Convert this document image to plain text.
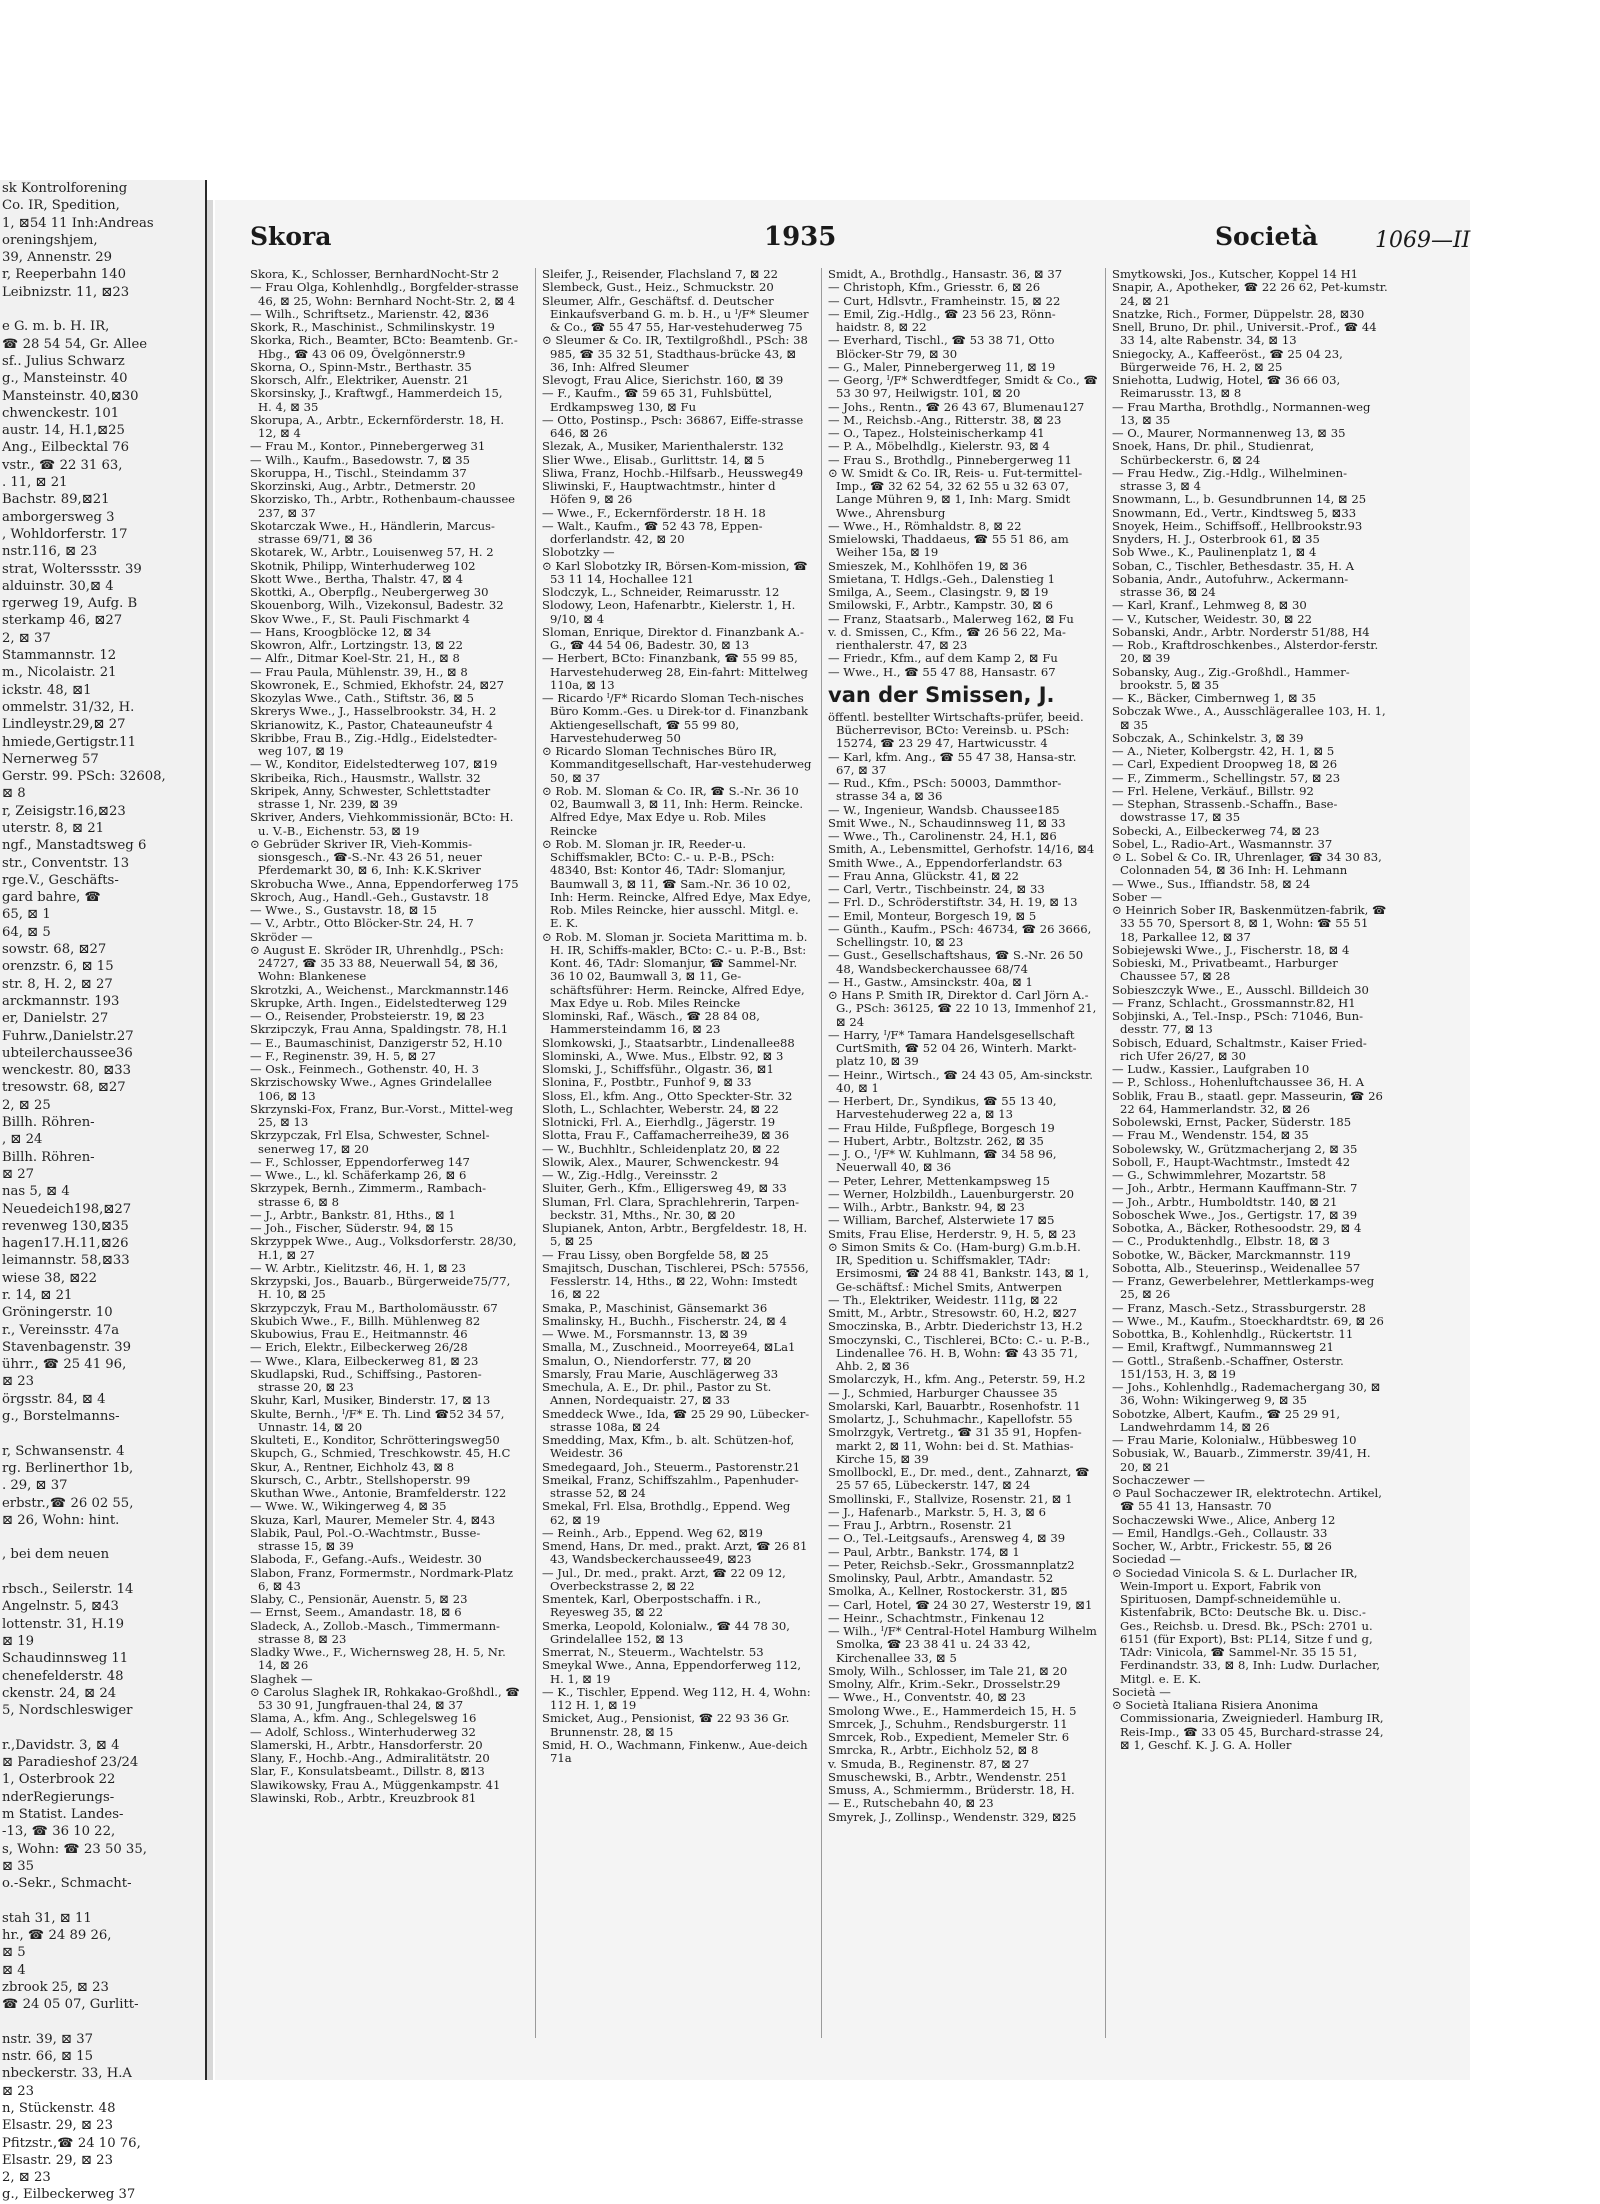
sk Kontrolforening
Co. IR, Spedition,
1, ⊠54 11 Inh:Andreas
oreningshjem,
39, Annenstr. 29
r, Reeperbahn 140
Leibnizstr. 11, ⊠23

e G. m. b. H. IR,
☎ 28 54 54, Gr. Allee
sf.. Julius Schwarz
g., Mansteinstr. 40
Mansteinstr. 40,⊠30
chwenckestr. 101
austr. 14, H.1,⊠25
Ang., Eilbecktal 76
vstr., ☎ 22 31 63,
. 11, ⊠ 21
Bachstr. 89,⊠21
amborgersweg 3
, Wohldorferstr. 17
nstr.116, ⊠ 23
strat, Wolterssstr. 39
alduinstr. 30,⊠ 4
rgerweg 19, Aufg. B
sterkamp 46, ⊠27
2, ⊠ 37
Stammannstr. 12
m., Nicolaistr. 21
ickstr. 48, ⊠1
ommelstr. 31/32, H.
Lindleystr.29,⊠ 27
hmiede,Gertigstr.11
Nernerweg 57
Gerstr. 99. PSch: 32608,
⊠ 8
r, Zeisigstr.16,⊠23
uterstr. 8, ⊠ 21
ngf., Manstadtsweg 6
str., Conventstr. 13
rge.V., Geschäfts-
gard bahre, ☎
65, ⊠ 1
64, ⊠ 5
sowstr. 68, ⊠27
orenzstr. 6, ⊠ 15
str. 8, H. 2, ⊠ 27
arckmannstr. 193
er, Danielstr. 27
Fuhrw.,Danielstr.27
ubteilerchaussee36
wenckestr. 80, ⊠33
tresowstr. 68, ⊠27
2, ⊠ 25
Billh. Röhren-
, ⊠ 24
Billh. Röhren-
⊠ 27
nas 5, ⊠ 4
Neuedeich198,⊠27
revenweg 130,⊠35
hagen17.H.11,⊠26
leimannstr. 58,⊠33
wiese 38, ⊠22
r. 14, ⊠ 21
Gröningerstr. 10
r., Vereinsstr. 47a
Stavenbagenstr. 39
ührr., ☎ 25 41 96,
⊠ 23
örgsstr. 84, ⊠ 4
g., Borstelmanns-

r, Schwansenstr. 4
rg. Berlinerthor 1b,
. 29, ⊠ 37
erbstr.,☎ 26 02 55,
⊠ 26, Wohn: hint.

, bei dem neuen

rbsch., Seilerstr. 14
Angelnstr. 5, ⊠43
lottenstr. 31, H.19
⊠ 19
Schaudinnsweg 11
chenefelderstr. 48
ckenstr. 24, ⊠ 24
5, Nordschleswiger

r.,Davidstr. 3, ⊠ 4
⊠ Paradieshof 23/24
1, Osterbrook 22
nderRegierungs-
m Statist. Landes-
-13, ☎ 36 10 22,
s, Wohn: ☎ 23 50 35,
⊠ 35
o.-Sekr., Schmacht-

stah 31, ⊠ 11
hr., ☎ 24 89 26,
⊠ 5
⊠ 4
zbrook 25, ⊠ 23
☎ 24 05 07, Gurlitt-

nstr. 39, ⊠ 37
nstr. 66, ⊠ 15
nbeckerstr. 33, H.A
⊠ 23
n, Stückenstr. 48
Elsastr. 29, ⊠ 23
Pfitzstr.,☎ 24 10 76,
Elsastr. 29, ⊠ 23
2, ⊠ 23
g., Eilbeckerweg 37
Skora	1935	Società	1069—II

Skora, K., Schlosser, BernhardNocht-Str 2

— Frau Olga, Kohlenhdlg., Borgfelder-strasse 46, ⊠ 25, Wohn: Bernhard Nocht-Str. 2, ⊠ 4

— Wilh., Schriftsetz., Marienstr. 42, ⊠36

Skork, R., Maschinist., Schmilinskystr. 19

Skorka, Rich., Beamter, BCto: Beamtenb. Gr.-Hbg., ☎ 43 06 09, Övelgönnerstr.9

Skorna, O., Spinn-Mstr., Berthastr. 35

Skorsch, Alfr., Elektriker, Auenstr. 21

Skorsinsky, J., Kraftwgf., Hammerdeich 15, H. 4, ⊠ 35

Skorupa, A., Arbtr., Eckernförderstr. 18, H. 12, ⊠ 4

— Frau M., Kontor., Pinnebergerweg 31

— Wilh., Kaufm., Basedowstr. 7, ⊠ 35

Skoruppa, H., Tischl., Steindamm 37

Skorzinski, Aug., Arbtr., Detmerstr. 20

Skorzisko, Th., Arbtr., Rothenbaum-chaussee 237, ⊠ 37

Skotarczak Wwe., H., Händlerin, Marcus-strasse 69/71, ⊠ 36

Skotarek, W., Arbtr., Louisenweg 57, H. 2

Skotnik, Philipp, Winterhuderweg 102

Skott Wwe., Bertha, Thalstr. 47, ⊠ 4

Skottki, A., Oberpflg., Neubergerweg 30

Skouenborg, Wilh., Vizekonsul, Badestr. 32

Skov Wwe., F., St. Pauli Fischmarkt 4

— Hans, Kroogblöcke 12, ⊠ 34

Skowron, Alfr., Lortzingstr. 13, ⊠ 22

— Alfr., Ditmar Koel-Str. 21, H., ⊠ 8

— Frau Paula, Mühlenstr. 39, H., ⊠ 8

Skowronek, E., Schmied, Ekhofstr. 24, ⊠27

Skozylas Wwe., Cath., Stiftstr. 36, ⊠ 5

Skrerys Wwe., J., Hasselbrookstr. 34, H. 2

Skrianowitz, K., Pastor, Chateauneufstr 4

Skribbe, Frau B., Zig.-Hdlg., Eidelstedter-weg 107, ⊠ 19

— W., Konditor, Eidelstedterweg 107, ⊠19

Skribeika, Rich., Hausmstr., Wallstr. 32

Skripek, Anny, Schwester, Schlettstadter strasse 1, Nr. 239, ⊠ 39

Skriver, Anders, Viehkommissionär, BCto: H. u. V.-B., Eichenstr. 53, ⊠ 19

⊙ Gebrüder Skriver IR, Vieh-Kommis-sionsgesch., ☎-S.-Nr. 43 26 51, neuer Pferdemarkt 30, ⊠ 6, Inh: K.K.Skriver

Skrobucha Wwe., Anna, Eppendorferweg 175

Skroch, Aug., Handl.-Geh., Gustavstr. 18

— Wwe., S., Gustavstr. 18, ⊠ 15

— V., Arbtr., Otto Blöcker-Str. 24, H. 7

Skröder —

⊙ August E. Skröder IR, Uhrenhdlg., PSch: 24727, ☎ 35 33 88, Neuerwall 54, ⊠ 36, Wohn: Blankenese

Skrotzki, A., Weichenst., Marckmannstr.146

Skrupke, Arth. Ingen., Eidelstedterweg 129

— O., Reisender, Probsteierstr. 19, ⊠ 23

Skrzipczyk, Frau Anna, Spaldingstr. 78, H.1

— E., Baumaschinist, Danzigerstr 52, H.10

— F., Reginenstr. 39, H. 5, ⊠ 27

— Osk., Feinmech., Gothenstr. 40, H. 3

Skrzischowsky Wwe., Agnes Grindelallee 106, ⊠ 13

Skrzynski-Fox, Franz, Bur.-Vorst., Mittel-weg 25, ⊠ 13

Skrzypczak, Frl Elsa, Schwester, Schnel-senerweg 17, ⊠ 20

— F., Schlosser, Eppendorferweg 147

— Wwe., L., kl. Schäferkamp 26, ⊠ 6

Skrzypek, Bernh., Zimmerm., Rambach-strasse 6, ⊠ 8

— J., Arbtr., Bankstr. 81, Hths., ⊠ 1

— Joh., Fischer, Süderstr. 94, ⊠ 15

Skrzyppek Wwe., Aug., Volksdorferstr. 28/30, H.1, ⊠ 27

— W. Arbtr., Kielitzstr. 46, H. 1, ⊠ 23

Skrzypski, Jos., Bauarb., Bürgerweide75/77, H. 10, ⊠ 25

Skrzypczyk, Frau M., Bartholomäusstr. 67

Skubich Wwe., F., Billh. Mühlenweg 82

Skubowius, Frau E., Heitmannstr. 46

— Erich, Elektr., Eilbeckerweg 26/28

— Wwe., Klara, Eilbeckerweg 81, ⊠ 23

Skudlapski, Rud., Schiffsing., Pastoren-strasse 20, ⊠ 23

Skuhr, Karl, Musiker, Binderstr. 17, ⊠ 13

Skulte, Bernh., ᴵ/F* E. Th. Lind ☎52 34 57, Unnastr. 14, ⊠ 20

Skulteti, E., Konditor, Schrötteringsweg50

Skupch, G., Schmied, Treschkowstr. 45, H.C

Skur, A., Rentner, Eichholz 43, ⊠ 8

Skursch, C., Arbtr., Stellshoperstr. 99

Skuthan Wwe., Antonie, Bramfelderstr. 122

— Wwe. W., Wikingerweg 4, ⊠ 35

Skuza, Karl, Maurer, Memeler Str. 4, ⊠43

Slabik, Paul, Pol.-O.-Wachtmstr., Busse-strasse 15, ⊠ 39

Slaboda, F., Gefang.-Aufs., Weidestr. 30

Slabon, Franz, Formermstr., Nordmark-Platz 6, ⊠ 43

Slaby, C., Pensionär, Auenstr. 5, ⊠ 23

— Ernst, Seem., Amandastr. 18, ⊠ 6

Sladeck, A., Zollob.-Masch., Timmermann-strasse 8, ⊠ 23

Sladky Wwe., F., Wichernsweg 28, H. 5, Nr. 14, ⊠ 26

Slaghek —

⊙ Carolus Slaghek IR, Rohkakao-Großhdl., ☎ 53 30 91, Jungfrauen-thal 24, ⊠ 37

Slama, A., kfm. Ang., Schlegelsweg 16

— Adolf, Schloss., Winterhuderweg 32

Slamerski, H., Arbtr., Hansdorferstr. 20

Slany, F., Hochb.-Ang., Admiralitätstr. 20

Slar, F., Konsulatsbeamt., Dillstr. 8, ⊠13

Slawikowsky, Frau A., Müggenkampstr. 41

Slawinski, Rob., Arbtr., Kreuzbrook 81

Sleifer, J., Reisender, Flachsland 7, ⊠ 22

Slembeck, Gust., Heiz., Schmuckstr. 20

Sleumer, Alfr., Geschäftsf. d. Deutscher Einkaufsverband G. m. b. H., u ᴵ/F* Sleumer & Co., ☎ 55 47 55, Har-vestehuderweg 75

⊙ Sleumer & Co. IR, Textilgroßhdl., PSch: 38 985, ☎ 35 32 51, Stadthaus-brücke 43, ⊠ 36, Inh: Alfred Sleumer

Slevogt, Frau Alice, Sierichstr. 160, ⊠ 39

— F., Kaufm., ☎ 59 65 31, Fuhlsbüttel, Erdkampsweg 130, ⊠ Fu

— Otto, Postinsp., Psch: 36867, Eiffe-strasse 646, ⊠ 26

Slezak, A., Musiker, Marienthalerstr. 132

Slier Wwe., Elisab., Gurlittstr. 14, ⊠ 5

Sliwa, Franz, Hochb.-Hilfsarb., Heussweg49

Sliwinski, F., Hauptwachtmstr., hinter d Höfen 9, ⊠ 26

— Wwe., F., Eckernförderstr. 18 H. 18

— Walt., Kaufm., ☎ 52 43 78, Eppen-dorferlandstr. 42, ⊠ 20

Slobotzky —

⊙ Karl Slobotzky IR, Börsen-Kom-mission, ☎ 53 11 14, Hochallee 121

Slodczyk, L., Schneider, Reimarusstr. 12

Slodowy, Leon, Hafenarbtr., Kielerstr. 1, H. 9/10, ⊠ 4

Sloman, Enrique, Direktor d. Finanzbank A.-G., ☎ 44 54 06, Badestr. 30, ⊠ 13

— Herbert, BCto: Finanzbank, ☎ 55 99 85, Harvestehuderweg 28, Ein-fahrt: Mittelweg 110a, ⊠ 13

— Ricardo ᴵ/F* Ricardo Sloman Tech-nisches Büro Komm.-Ges. u Direk-tor d. Finanzbank Aktiengesellschaft, ☎ 55 99 80, Harvestehuderweg 50

⊙ Ricardo Sloman Technisches Büro IR, Kommanditgesellschaft, Har-vestehuderweg 50, ⊠ 37

⊙ Rob. M. Sloman & Co. IR, ☎ S.-Nr. 36 10 02, Baumwall 3, ⊠ 11, Inh: Herm. Reincke. Alfred Edye, Max Edye u. Rob. Miles Reincke

⊙ Rob. M. Sloman jr. IR, Reeder-u. Schiffsmakler, BCto: C.- u. P.-B., PSch: 48340, Bst: Kontor 46, TAdr: Slomanjur, Baumwall 3, ⊠ 11, ☎ Sam.-Nr. 36 10 02, Inh: Herm. Reincke, Alfred Edye, Max Edye, Rob. Miles Reincke, hier ausschl. Mitgl. e. E. K.

⊙ Rob. M. Sloman jr. Societa Marittima m. b. H. IR, Schiffs-makler, BCto: C.- u. P.-B., Bst: Kont. 46, TAdr: Slomanjur, ☎ Sammel-Nr. 36 10 02, Baumwall 3, ⊠ 11, Ge-schäftsführer: Herm. Reincke, Alfred Edye, Max Edye u. Rob. Miles Reincke

Slominski, Raf., Wäsch., ☎ 28 84 08, Hammersteindamm 16, ⊠ 23

Slomkowski, J., Staatsarbtr., Lindenallee88

Slominski, A., Wwe. Mus., Elbstr. 92, ⊠ 3

Slomski, J., Schiffsführ., Olgastr. 36, ⊠1

Slonina, F., Postbtr., Funhof 9, ⊠ 33

Sloss, El., kfm. Ang., Otto Speckter-Str. 32

Sloth, L., Schlachter, Weberstr. 24, ⊠ 22

Slotnicki, Frl. A., Eierhdlg., Jägerstr. 19

Slotta, Frau F., Caffamacherreihe39, ⊠ 36

— W., Buchhltr., Schleidenplatz 20, ⊠ 22

Slowik, Alex., Maurer, Schwenckestr. 94

— W., Zig.-Hdlg., Vereinsstr. 2

Sluiter, Gerh., Kfm., Elligersweg 49, ⊠ 33

Sluman, Frl. Clara, Sprachlehrerin, Tarpen-beckstr. 31, Mths., Nr. 30, ⊠ 20

Slupianek, Anton, Arbtr., Bergfeldestr. 18, H. 5, ⊠ 25

— Frau Lissy, oben Borgfelde 58, ⊠ 25

Smajitsch, Duschan, Tischlerei, PSch: 57556, Fesslerstr. 14, Hths., ⊠ 22, Wohn: Imstedt 16, ⊠ 22

Smaka, P., Maschinist, Gänsemarkt 36

Smalinsky, H., Buchh., Fischerstr. 24, ⊠ 4

— Wwe. M., Forsmannstr. 13, ⊠ 39

Smalla, M., Zuschneid., Moorreye64, ⊠La1

Smalun, O., Niendorferstr. 77, ⊠ 20

Smarsly, Frau Marie, Auschlägerweg 33

Smechula, A. E., Dr. phil., Pastor zu St. Annen, Nordequaistr. 27, ⊠ 33

Smeddeck Wwe., Ida, ☎ 25 29 90, Lübecker-strasse 108a, ⊠ 24

Smedding, Max, Kfm., b. alt. Schützen-hof, Weidestr. 36

Smedegaard, Joh., Steuerm., Pastorenstr.21

Smeikal, Franz, Schiffszahlm., Papenhuder-strasse 52, ⊠ 24

Smekal, Frl. Elsa, Brothdlg., Eppend. Weg 62, ⊠ 19

— Reinh., Arb., Eppend. Weg 62, ⊠19

Smend, Hans, Dr. med., prakt. Arzt, ☎ 26 81 43, Wandsbeckerchaussee49, ⊠23

— Jul., Dr. med., prakt. Arzt, ☎ 22 09 12, Overbeckstrasse 2, ⊠ 22

Smentek, Karl, Oberpostschaffn. i R., Reyesweg 35, ⊠ 22

Smerka, Leopold, Kolonialw., ☎ 44 78 30, Grindelallee 152, ⊠ 13

Smerrat, N., Steuerm., Wachtelstr. 53

Smeykal Wwe., Anna, Eppendorferweg 112, H. 1, ⊠ 19

— K., Tischler, Eppend. Weg 112, H. 4, Wohn: 112 H. 1, ⊠ 19

Smicket, Aug., Pensionist, ☎ 22 93 36 Gr. Brunnenstr. 28, ⊠ 15

Smid, H. O., Wachmann, Finkenw., Aue-deich 71a

Smidt, A., Brothdlg., Hansastr. 36, ⊠ 37

— Christoph, Kfm., Griesstr. 6, ⊠ 26

— Curt, Hdlsvtr., Framheinstr. 15, ⊠ 22

— Emil, Zig.-Hdlg., ☎ 23 56 23, Rönn-haidstr. 8, ⊠ 22

— Everhard, Tischl., ☎ 53 38 71, Otto Blöcker-Str 79, ⊠ 30

— G., Maler, Pinnebergerweg 11, ⊠ 19

— Georg, ᴵ/F* Schwerdtfeger, Smidt & Co., ☎ 53 30 97, Heilwigstr. 101, ⊠ 20

— Johs., Rentn., ☎ 26 43 67, Blumenau127

— M., Reichsb.-Ang., Ritterstr. 38, ⊠ 23

— O., Tapez., Holsteinischerkamp 41

— P. A., Möbelhdlg., Kielerstr. 93, ⊠ 4

— Frau S., Brothdlg., Pinnebergerweg 11

⊙ W. Smidt & Co. IR, Reis- u. Fut-termittel-Imp., ☎ 32 62 54, 32 62 55 u 32 63 07, Lange Mühren 9, ⊠ 1, Inh: Marg. Smidt Wwe., Ahrensburg

— Wwe., H., Römhaldstr. 8, ⊠ 22

Smielowski, Thaddaeus, ☎ 55 51 86, am Weiher 15a, ⊠ 19

Smieszek, M., Kohlhöfen 19, ⊠ 36

Smietana, T. Hdlgs.-Geh., Dalenstieg 1

Smilga, A., Seem., Clasingstr. 9, ⊠ 19

Smilowski, F., Arbtr., Kampstr. 30, ⊠ 6

— Franz, Staatsarb., Malerweg 162, ⊠ Fu

v. d. Smissen, C., Kfm., ☎ 26 56 22, Ma-rienthalerstr. 47, ⊠ 23

— Friedr., Kfm., auf dem Kamp 2, ⊠ Fu

— Wwe., H., ☎ 55 47 88, Hansastr. 67

van der Smissen, J.

öffentl. bestellter Wirtschafts-prüfer, beeid. Bücherrevisor, BCto: Vereinsb. u. PSch: 15274, ☎ 23 29 47, Hartwicusstr. 4

— Karl, kfm. Ang., ☎ 55 47 38, Hansa-str. 67, ⊠ 37

— Rud., Kfm., PSch: 50003, Dammthor-strasse 34 a, ⊠ 36

— W., Ingenieur, Wandsb. Chaussee185

Smit Wwe., N., Schaudinnsweg 11, ⊠ 33

— Wwe., Th., Carolinenstr. 24, H.1, ⊠6

Smith, A., Lebensmittel, Gerhofstr. 14/16, ⊠4

Smith Wwe., A., Eppendorferlandstr. 63

— Frau Anna, Glückstr. 41, ⊠ 22

— Carl, Vertr., Tischbeinstr. 24, ⊠ 33

— Frl. D., Schröderstiftstr. 34, H. 19, ⊠ 13

— Emil, Monteur, Borgesch 19, ⊠ 5

— Günth., Kaufm., PSch: 46734, ☎ 26 3666, Schellingstr. 10, ⊠ 23

— Gust., Gesellschaftshaus, ☎ S.-Nr. 26 50 48, Wandsbeckerchaussee 68/74

— H., Gastw., Amsinckstr. 40a, ⊠ 1

⊙ Hans P. Smith IR, Direktor d. Carl Jörn A.-G., PSch: 36125, ☎ 22 10 13, Immenhof 21, ⊠ 24

— Harry, ᴵ/F* Tamara Handelsgesellschaft CurtSmith, ☎ 52 04 26, Winterh. Markt-platz 10, ⊠ 39

— Heinr., Wirtsch., ☎ 24 43 05, Am-sinckstr. 40, ⊠ 1

— Herbert, Dr., Syndikus, ☎ 55 13 40, Harvestehuderweg 22 a, ⊠ 13

— Frau Hilde, Fußpflege, Borgesch 19

— Hubert, Arbtr., Boltzstr. 262, ⊠ 35

— J. O., ᴵ/F* W. Kuhlmann, ☎ 34 58 96, Neuerwall 40, ⊠ 36

— Peter, Lehrer, Mettenkampsweg 15

— Werner, Holzbildh., Lauenburgerstr. 20

— Wilh., Arbtr., Bankstr. 94, ⊠ 23

— William, Barchef, Alsterwiete 17 ⊠5

Smits, Frau Elise, Herderstr. 9, H. 5, ⊠ 23

⊙ Simon Smits & Co. (Ham-burg) G.m.b.H. IR, Spedition u. Schiffsmakler, TAdr: Ersimosmi, ☎ 24 88 41, Bankstr. 143, ⊠ 1, Ge-schäftsf.: Michel Smits, Antwerpen

— Th., Elektriker, Weidestr. 111g, ⊠ 22

Smitt, M., Arbtr., Stresowstr. 60, H.2, ⊠27

Smoczinska, B., Arbtr. Diederichstr 13, H.2

Smoczynski, C., Tischlerei, BCto: C.- u. P.-B., Lindenallee 76. H. B, Wohn: ☎ 43 35 71, Ahb. 2, ⊠ 36

Smolarczyk, H., kfm. Ang., Peterstr. 59, H.2

— J., Schmied, Harburger Chaussee 35

Smolarski, Karl, Bauarbtr., Rosenhofstr. 11

Smolartz, J., Schuhmachr., Kapellofstr. 55

Smolrzgyk, Vertretg., ☎ 31 35 91, Hopfen-markt 2, ⊠ 11, Wohn: bei d. St. Mathias-Kirche 15, ⊠ 39

Smollbockl, E., Dr. med., dent., Zahnarzt, ☎ 25 57 65, Lübeckerstr. 147, ⊠ 24

Smollinski, F., Stallvize, Rosenstr. 21, ⊠ 1

— J., Hafenarb., Markstr. 5, H. 3, ⊠ 6

— Frau J., Arbtrn., Rosenstr. 21

— O., Tel.-Leitgsaufs., Arensweg 4, ⊠ 39

— Paul, Arbtr., Bankstr. 174, ⊠ 1

— Peter, Reichsb.-Sekr., Grossmannplatz2

Smolinsky, Paul, Arbtr., Amandastr. 52

Smolka, A., Kellner, Rostockerstr. 31, ⊠5

— Carl, Hotel, ☎ 24 30 27, Westerstr 19, ⊠1

— Heinr., Schachtmstr., Finkenau 12

— Wilh., ᴵ/F* Central-Hotel Hamburg Wilhelm Smolka, ☎ 23 38 41 u. 24 33 42, Kirchenallee 33, ⊠ 5

Smoly, Wilh., Schlosser, im Tale 21, ⊠ 20

Smolny, Alfr., Krim.-Sekr., Drosselstr.29

— Wwe., H., Conventstr. 40, ⊠ 23

Smolong Wwe., E., Hammerdeich 15, H. 5

Smrcek, J., Schuhm., Rendsburgerstr. 11

Smrcek, Rob., Expedient, Memeler Str. 6

Smrcka, R., Arbtr., Eichholz 52, ⊠ 8

v. Smuda, B., Reginenstr. 87, ⊠ 27

Smuschewski, B., Arbtr., Wendenstr. 251

Smuss, A., Schmiermm., Brüderstr. 18, H.

— E., Rutschebahn 40, ⊠ 23

Smyrek, J., Zollinsp., Wendenstr. 329, ⊠25

Smytkowski, Jos., Kutscher, Koppel 14 H1

Snapir, A., Apotheker, ☎ 22 26 62, Pet-kumstr. 24, ⊠ 21

Snatzke, Rich., Former, Düppelstr. 28, ⊠30

Snell, Bruno, Dr. phil., Universit.-Prof., ☎ 44 33 14, alte Rabenstr. 34, ⊠ 13

Sniegocky, A., Kaffeeröst., ☎ 25 04 23, Bürgerweide 76, H. 2, ⊠ 25

Sniehotta, Ludwig, Hotel, ☎ 36 66 03, Reimarusstr. 13, ⊠ 8

— Frau Martha, Brothdlg., Normannen-weg 13, ⊠ 35

— O., Maurer, Normannenweg 13, ⊠ 35

Snoek, Hans, Dr. phil., Studienrat, Schürbeckerstr. 6, ⊠ 24

— Frau Hedw., Zig.-Hdlg., Wilhelminen-strasse 3, ⊠ 4

Snowmann, L., b. Gesundbrunnen 14, ⊠ 25

Snowmann, Ed., Vertr., Kindtsweg 5, ⊠33

Snoyek, Heim., Schiffsoff., Hellbrookstr.93

Snyders, H. J., Osterbrook 61, ⊠ 35

Sob Wwe., K., Paulinenplatz 1, ⊠ 4

Soban, C., Tischler, Bethesdastr. 35, H. A

Sobania, Andr., Autofuhrw., Ackermann-strasse 36, ⊠ 24

— Karl, Kranf., Lehmweg 8, ⊠ 30

— V., Kutscher, Weidestr. 30, ⊠ 22

Sobanski, Andr., Arbtr. Norderstr 51/88, H4

— Rob., Kraftdroschkenbes., Alsterdor-ferstr. 20, ⊠ 39

Sobansky, Aug., Zig.-Großhdl., Hammer-brookstr. 5, ⊠ 35

— K., Bäcker, Cimbernweg 1, ⊠ 35

Sobczak Wwe., A., Ausschlägerallee 103, H. 1, ⊠ 35

Sobczak, A., Schinkelstr. 3, ⊠ 39

— A., Nieter, Kolbergstr. 42, H. 1, ⊠ 5

— Carl, Expedient Droopweg 18, ⊠ 26

— F., Zimmerm., Schellingstr. 57, ⊠ 23

— Frl. Helene, Verkäuf., Billstr. 92

— Stephan, Strassenb.-Schaffn., Base-dowstrasse 17, ⊠ 35

Sobecki, A., Eilbeckerweg 74, ⊠ 23

Sobel, L., Radio-Art., Wasmannstr. 37

⊙ L. Sobel & Co. IR, Uhrenlager, ☎ 34 30 83, Colonnaden 54, ⊠ 36 Inh: H. Lehmann

— Wwe., Sus., Iffiandstr. 58, ⊠ 24

Sober —

⊙ Heinrich Sober IR, Baskenmützen-fabrik, ☎ 33 55 70, Spersort 8, ⊠ 1, Wohn: ☎ 55 51 18, Parkallee 12, ⊠ 37

Sobiejewski Wwe., J., Fischerstr. 18, ⊠ 4

Sobieski, M., Privatbeamt., Harburger Chaussee 57, ⊠ 28

Sobieszczyk Wwe., E., Ausschl. Billdeich 30

— Franz, Schlacht., Grossmannstr.82, H1

Sobjinski, A., Tel.-Insp., PSch: 71046, Bun-desstr. 77, ⊠ 13

Sobisch, Eduard, Schaltmstr., Kaiser Fried-rich Ufer 26/27, ⊠ 30

— Ludw., Kassier., Laufgraben 10

— P., Schloss., Hohenluftchaussee 36, H. A

Soblik, Frau B., staatl. gepr. Masseurin, ☎ 26 22 64, Hammerlandstr. 32, ⊠ 26

Sobolewski, Ernst, Packer, Süderstr. 185

— Frau M., Wendenstr. 154, ⊠ 35

Sobolewsky, W., Grützmacherjang 2, ⊠ 35

Soboll, F., Haupt-Wachtmstr., Imstedt 42

— G., Schwimmlehrer, Mozartstr. 58

— Joh., Arbtr., Hermann Kauffmann-Str. 7

— Joh., Arbtr., Humboldtstr. 140, ⊠ 21

Soboschek Wwe., Jos., Gertigstr. 17, ⊠ 39

Sobotka, A., Bäcker, Rothesoodstr. 29, ⊠ 4

— C., Produktenhdlg., Elbstr. 18, ⊠ 3

Sobotke, W., Bäcker, Marckmannstr. 119

Sobotta, Alb., Steuerinsp., Weidenallee 57

— Franz, Gewerbelehrer, Mettlerkamps-weg 25, ⊠ 26

— Franz, Masch.-Setz., Strassburgerstr. 28

— Wwe., M., Kaufm., Stoeckhardtstr. 69, ⊠ 26

Sobottka, B., Kohlenhdlg., Rückertstr. 11

— Emil, Kraftwgf., Nummannsweg 21

— Gottl., Straßenb.-Schaffner, Osterstr. 151/153, H. 3, ⊠ 19

— Johs., Kohlenhdlg., Rademachergang 30, ⊠ 36, Wohn: Wikingerweg 9, ⊠ 35

Sobotzke, Albert, Kaufm., ☎ 25 29 91, Landwehrdamm 14, ⊠ 26

— Frau Marie, Kolonialw., Hübbesweg 10

Sobusiak, W., Bauarb., Zimmerstr. 39/41, H. 20, ⊠ 21

Sochaczewer —

⊙ Paul Sochaczewer IR, elektrotechn. Artikel, ☎ 55 41 13, Hansastr. 70

Sochaczewski Wwe., Alice, Anberg 12

— Emil, Handlgs.-Geh., Collaustr. 33

Socher, W., Arbtr., Frickestr. 55, ⊠ 26

Sociedad —

⊙ Sociedad Vinicola S. & L. Durlacher IR, Wein-Import u. Export, Fabrik von Spirituosen, Dampf-schneidemühle u. Kistenfabrik, BCto: Deutsche Bk. u. Disc.-Ges., Reichsb. u. Dresd. Bk., PSch: 2701 u. 6151 (für Export), Bst: PL14, Sitze f und g, TAdr: Vinicola, ☎ Sammel-Nr. 35 15 51, Ferdinandstr. 33, ⊠ 8, Inh: Ludw. Durlacher, Mitgl. e. E. K.

Società —

⊙ Società Italiana Risiera Anonima Commissionaria, Zweigniederl. Hamburg IR, Reis-Imp., ☎ 33 05 45, Burchard-strasse 24, ⊠ 1, Geschf. K. J. G. A. Holler
